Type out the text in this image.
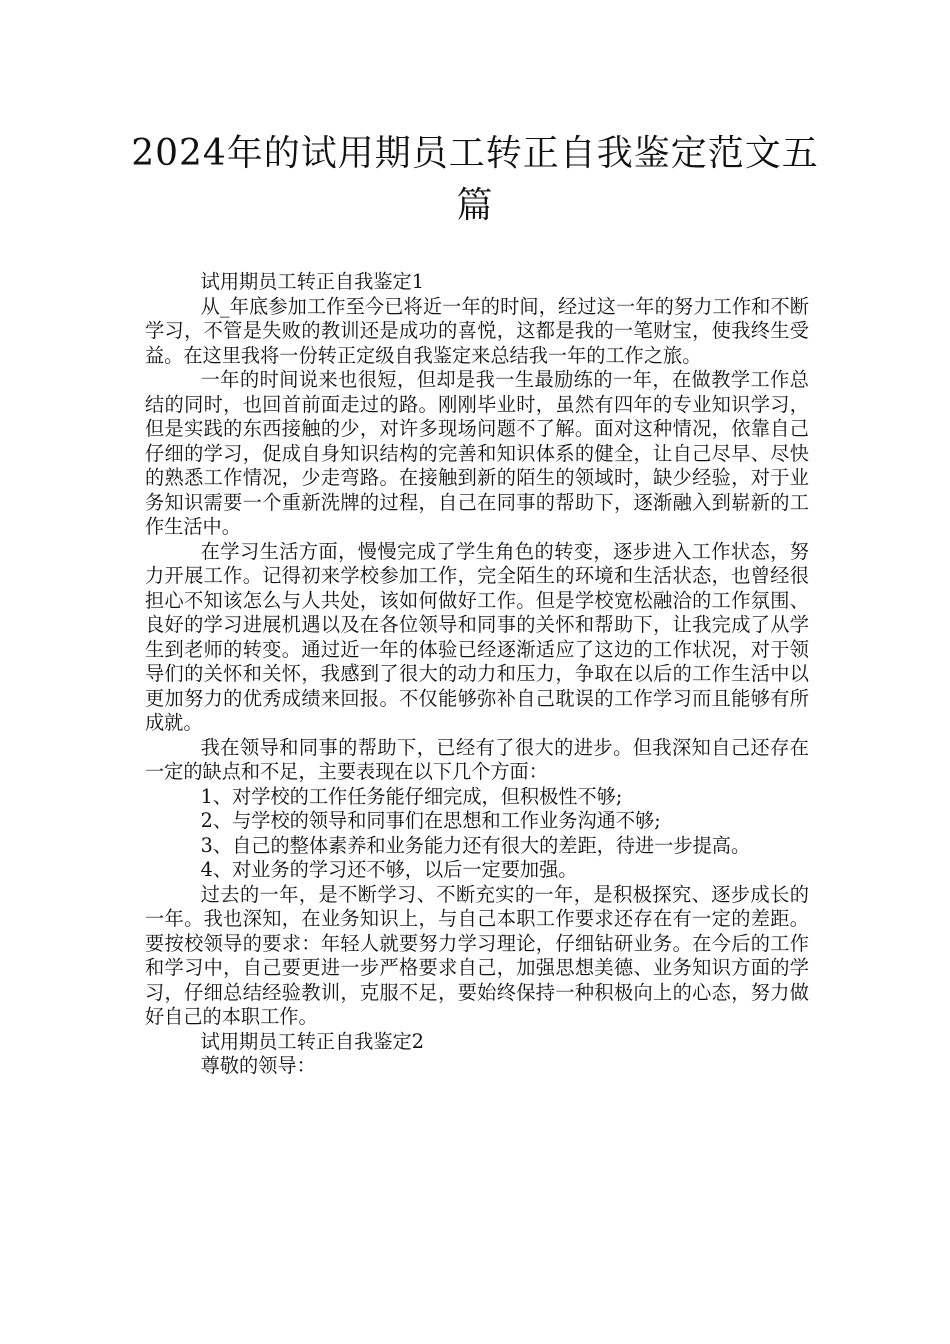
2024年的试用期员工转正自我鉴定范文五篇

试用期员工转正自我鉴定1

从_年底参加工作至今已将近一年的时间，经过这一年的努力工作和不断学习，不管是失败的教训还是成功的喜悦，这都是我的一笔财宝，使我终生受益。在这里我将一份转正定级自我鉴定来总结我一年的工作之旅。

一年的时间说来也很短，但却是我一生最励练的一年，在做教学工作总结的同时，也回首前面走过的路。刚刚毕业时，虽然有四年的专业知识学习，但是实践的东西接触的少，对许多现场问题不了解。面对这种情况，依靠自己仔细的学习，促成自身知识结构的完善和知识体系的健全，让自己尽早、尽快的熟悉工作情况，少走弯路。在接触到新的陌生的领域时，缺少经验，对于业务知识需要一个重新洗牌的过程，自己在同事的帮助下，逐渐融入到崭新的工作生活中。

在学习生活方面，慢慢完成了学生角色的转变，逐步进入工作状态，努力开展工作。记得初来学校参加工作，完全陌生的环境和生活状态，也曾经很担心不知该怎么与人共处，该如何做好工作。但是学校宽松融洽的工作氛围、良好的学习进展机遇以及在各位领导和同事的关怀和帮助下，让我完成了从学生到老师的转变。通过近一年的体验已经逐渐适应了这边的工作状况，对于领导们的关怀和关怀，我感到了很大的动力和压力，争取在以后的工作生活中以更加努力的优秀成绩来回报。不仅能够弥补自己耽误的工作学习而且能够有所成就。

我在领导和同事的帮助下，已经有了很大的进步。但我深知自己还存在一定的缺点和不足，主要表现在以下几个方面：

1、对学校的工作任务能仔细完成，但积极性不够;

2、与学校的领导和同事们在思想和工作业务沟通不够;

3、自己的整体素养和业务能力还有很大的差距，待进一步提高。

4、对业务的学习还不够，以后一定要加强。

过去的一年，是不断学习、不断充实的一年，是积极探究、逐步成长的一年。我也深知，在业务知识上，与自己本职工作要求还存在有一定的差距。要按校领导的要求：年轻人就要努力学习理论，仔细钻研业务。在今后的工作和学习中，自己要更进一步严格要求自己，加强思想美德、业务知识方面的学习，仔细总结经验教训，克服不足，要始终保持一种积极向上的心态，努力做好自己的本职工作。

试用期员工转正自我鉴定2

尊敬的领导：
